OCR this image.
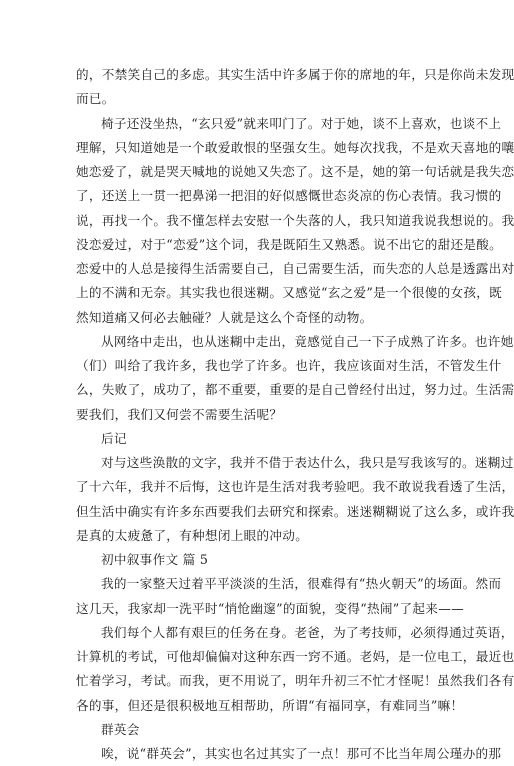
的，不禁笑自己的多虑。其实生活中许多属于你的席地的年，只是你尚未发现
而已。
椅子还没坐热，“玄只爱”就来叩门了。对于她，谈不上喜欢，也谈不上
理解，只知道她是一个敢爱敢恨的坚强女生。她每次找我，不是欢天喜地的嚷
她恋爱了，就是哭天喊地的说她又失恋了。这不是，她的第一句话就是我失恋
了，还送上一贯一把鼻涕一把泪的好似感慨世态炎凉的伤心表情。我习惯的
说，再找一个。我不懂怎样去安慰一个失落的人，我只知道我说我想说的。我
没恋爱过，对于“恋爱”这个词，我是既陌生又熟悉。说不出它的甜还是酸。
恋爱中的人总是接得生活需要自己，自己需要生活，而失恋的人总是透露出对
上的不满和无奈。其实我也很迷糊。又感觉“玄之爱”是一个很傻的女孩，既
然知道痛又何必去触碰？人就是这么个奇怪的动物。
从网络中走出，也从迷糊中走出，竟感觉自己一下子成熟了许多。也许她
（们）叫给了我许多，我也学了许多。也许，我应该面对生活，不管发生什
么，失败了，成功了，都不重要，重要的是自己曾经付出过，努力过。生活需
要我们，我们又何尝不需要生活呢？
后记
对与这些涣散的文字，我并不借于表达什么，我只是写我该写的。迷糊过
了十六年，我并不后悔，这也许是生活对我考验吧。我不敢说我看透了生活，
但生活中确实有许多东西要我们去研究和探索。迷迷糊糊说了这么多，或许我
是真的太疲惫了，有种想闭上眼的冲动。
初中叙事作文 篇 5
我的一家整天过着平平淡淡的生活，很难得有“热火朝天”的场面。然而
这几天，我家却一洗平时“悄怆幽邃”的面貌，变得“热闹”了起来——
我们每个人都有艰巨的任务在身。老爸，为了考技师，必须得通过英语，
计算机的考试，可他却偏偏对这种东西一窍不通。老妈，是一位电工，最近也
忙着学习，考试。而我，更不用说了，明年升初三不忙才怪呢！虽然我们各有
各的事，但还是很积极地互相帮助，所谓“有福同享，有难同当”嘛！
群英会
唉，说“群英会”，其实也名过其实了一点！那可不比当年周公瑾办的那
